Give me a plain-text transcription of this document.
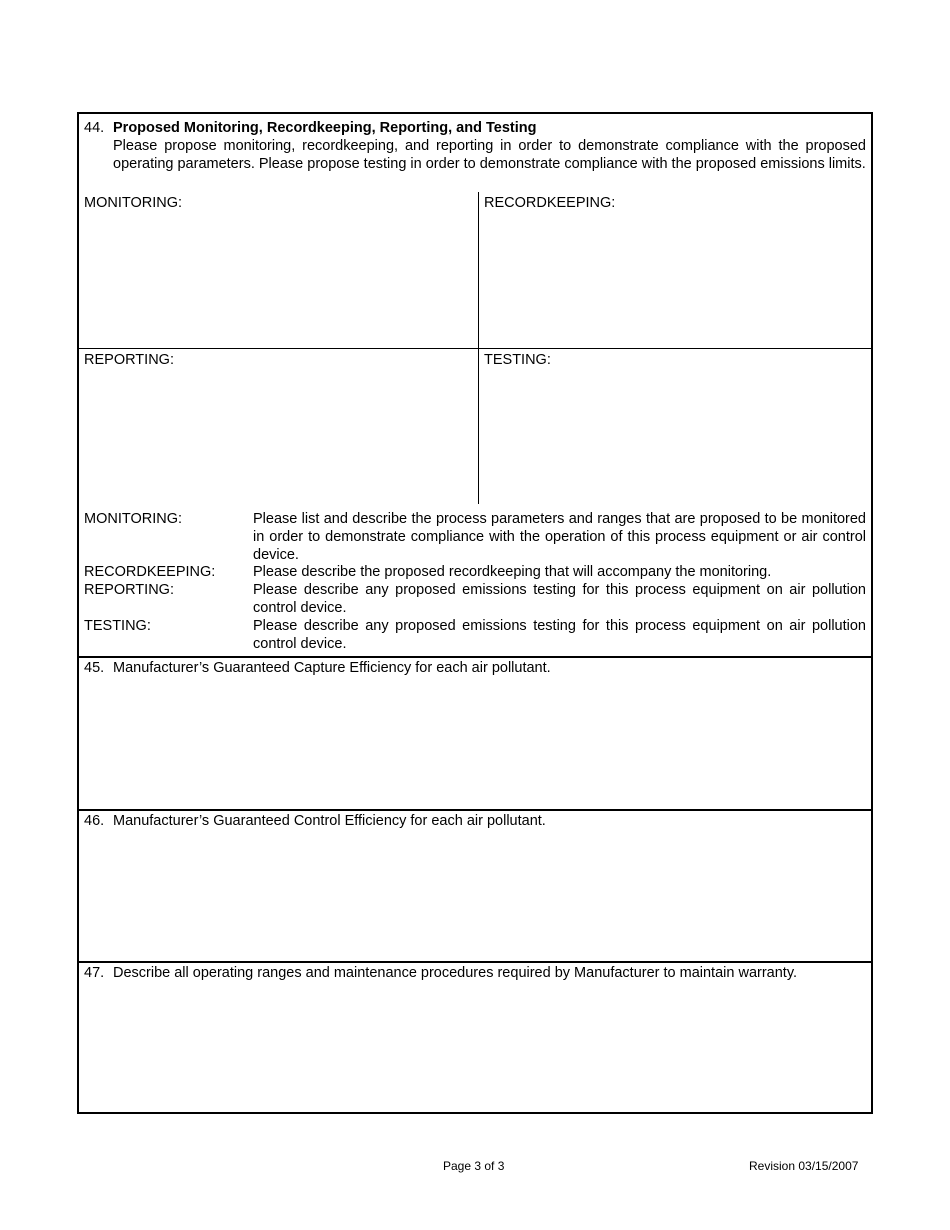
44. Proposed Monitoring, Recordkeeping, Reporting, and Testing
Please propose monitoring, recordkeeping, and reporting in order to demonstrate compliance with the proposed operating parameters. Please propose testing in order to demonstrate compliance with the proposed emissions limits.
MONITORING:	RECORDKEEPING:
REPORTING:	TESTING:
MONITORING:	Please list and describe the process parameters and ranges that are proposed to be monitored in order to demonstrate compliance with the operation of this process equipment or air control device.
RECORDKEEPING:	Please describe the proposed recordkeeping that will accompany the monitoring.
REPORTING:	Please describe any proposed emissions testing for this process equipment on air pollution control device.
TESTING:	Please describe any proposed emissions testing for this process equipment on air pollution control device.
45. Manufacturer’s Guaranteed Capture Efficiency for each air pollutant.
46. Manufacturer’s Guaranteed Control Efficiency for each air pollutant.
47. Describe all operating ranges and maintenance procedures required by Manufacturer to maintain warranty.
Page 3 of 3	Revision 03/15/2007
